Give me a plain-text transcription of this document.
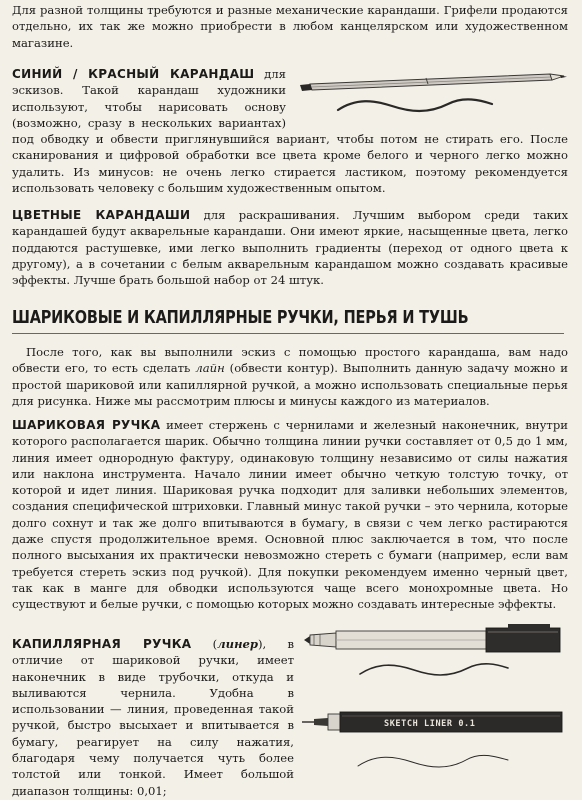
Для разной толщины требуются и разные механические карандаши. Грифели продаются отдельно, их так же можно приобрести в любом канцелярском или художественном магазине.

СИНИЙ / КРАСНЫЙ КАРАНДАШ для эскизов. Такой карандаш художники используют, чтобы нарисовать основу (возможно, сразу в нескольких вариантах) под обводку и обвести приглянувшийся вариант, чтобы потом не стирать его. После сканирования и цифровой обработки все цвета кроме белого и черного легко можно удалить. Из минусов: не очень легко стирается ластиком, поэтому рекомендуется использовать человеку с большим художественным опытом.

ЦВЕТНЫЕ КАРАНДАШИ для раскрашивания. Лучшим выбором среди таких карандашей будут акварельные карандаши. Они имеют яркие, насыщенные цвета, легко поддаются растушевке, ими легко выполнить градиенты (переход от одного цвета к другому), а в сочетании с белым акварельным карандашом можно создавать красивые эффекты. Лучше брать большой набор от 24 штук.

ШАРИКОВЫЕ И КАПИЛЛЯРНЫЕ РУЧКИ, ПЕРЬЯ И ТУШЬ

После того, как вы выполнили эскиз с помощью простого карандаша, вам надо обвести его, то есть сделать лайн (обвести контур). Выполнить данную задачу можно и простой шариковой или капиллярной ручкой, а можно использовать специальные перья для рисунка. Ниже мы рассмотрим плюсы и минусы каждого из материалов.

ШАРИКОВАЯ РУЧКА имеет стержень с чернилами и железный наконечник, внутри которого располагается шарик. Обычно толщина линии ручки составляет от 0,5 до 1 мм, линия имеет однородную фактуру, одинаковую толщину независимо от силы нажатия или наклона инструмента. Начало линии имеет обычно четкую толстую точку, от которой и идет линия. Шариковая ручка подходит для заливки небольших элементов, создания специфической штриховки. Главный минус такой ручки – это чернила, которые долго сохнут и так же долго впитываются в бумагу, в связи с чем легко растираются даже спустя продолжительное время. Основной плюс заключается в том, что после полного высыхания их практически невозможно стереть с бумаги (например, если вам требуется стереть эскиз под ручкой). Для покупки рекомендуем именно черный цвет, так как в манге для обводки используются чаще всего монохромные цвета. Но существуют и белые ручки, с помощью которых можно создавать интересные эффекты.

КАПИЛЛЯРНАЯ РУЧКА (линер), в отличие от шариковой ручки, имеет наконечник в виде трубочки, откуда и выливаются чернила. Удобна в использовании — линия, проведенная такой ручкой, быстро высыхает и впитывается в бумагу, реагирует на силу нажатия, благодаря чему получается чуть более толстой или тонкой. Имеет большой диапазон толщины: 0,01;

SKETCH LINER 0.1
